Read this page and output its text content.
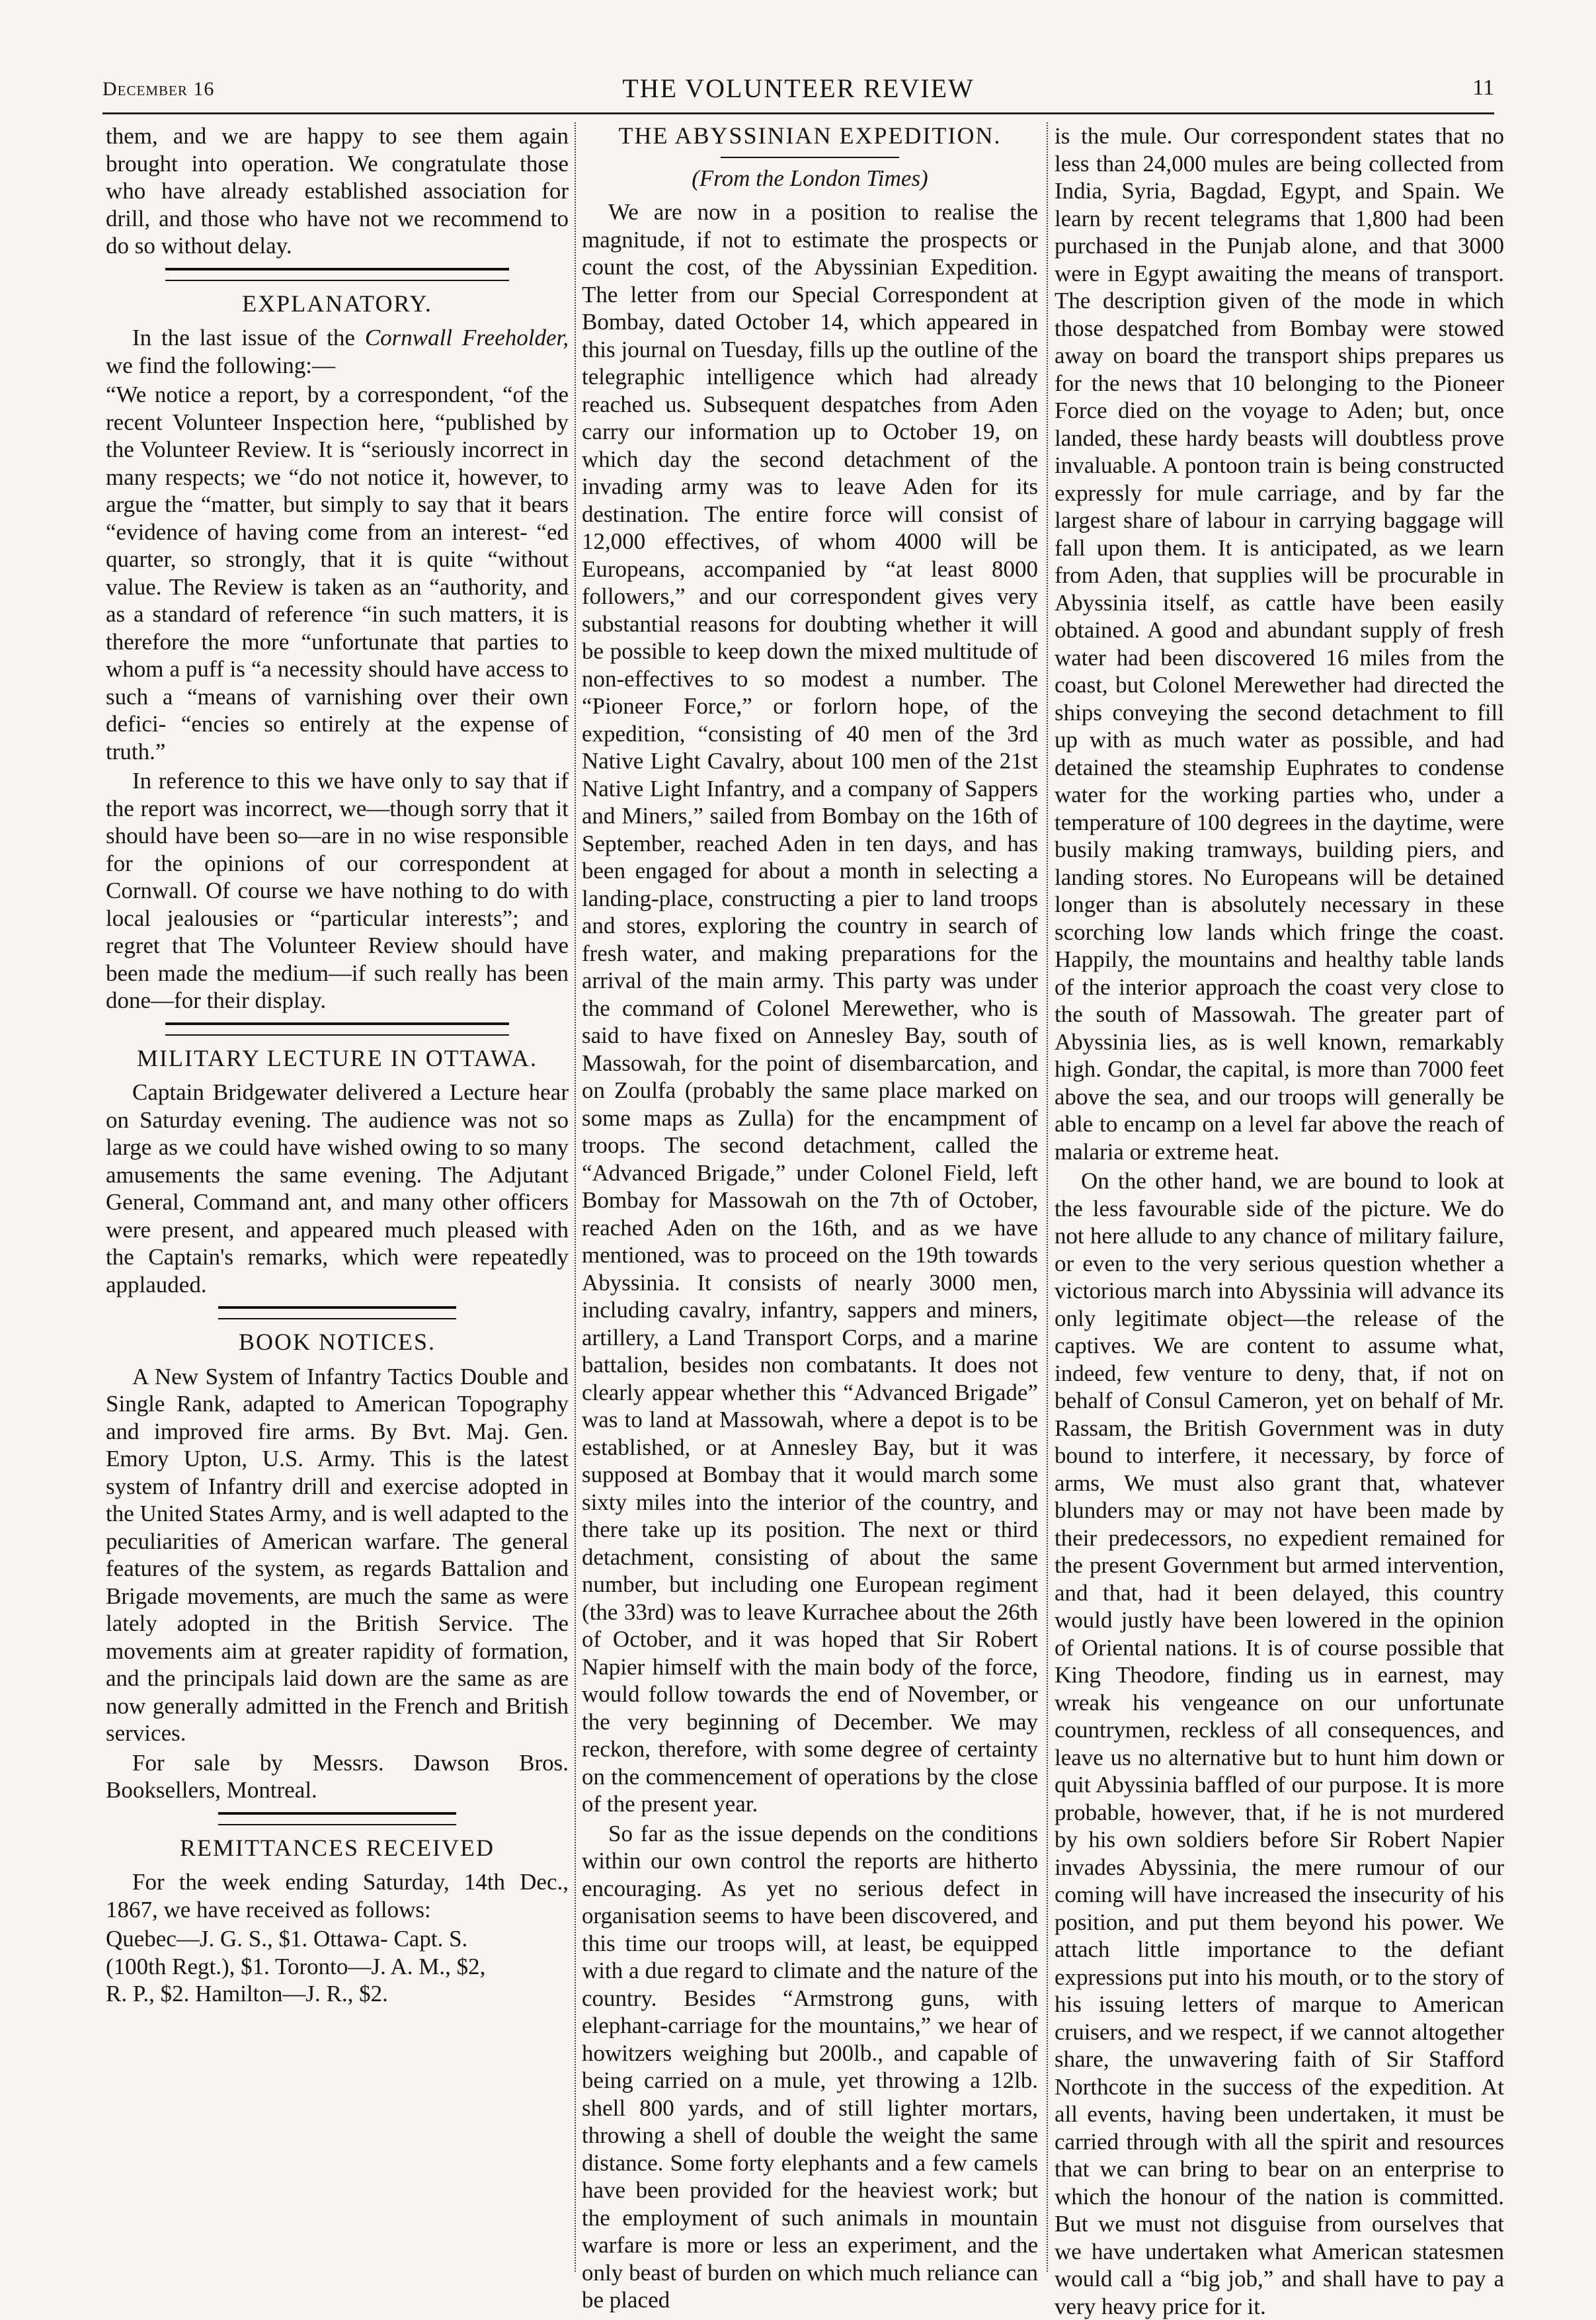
December 16	THE VOLUNTEER REVIEW	11

them, and we are happy to see them again brought into operation. We congratulate those who have already established association for drill, and those who have not we recommend to do so without delay.

EXPLANATORY.

In the last issue of the Cornwall Freeholder, we find the following:—

“We notice a report, by a correspondent, “of the recent Volunteer Inspection here, “published by the Volunteer Review. It is “seriously incorrect in many respects; we “do not notice it, however, to argue the “matter, but simply to say that it bears “evidence of having come from an interest- “ed quarter, so strongly, that it is quite “without value. The Review is taken as an “authority, and as a standard of reference “in such matters, it is therefore the more “unfortunate that parties to whom a puff is “a necessity should have access to such a “means of varnishing over their own defici- “encies so entirely at the expense of truth.”

In reference to this we have only to say that if the report was incorrect, we—though sorry that it should have been so—are in no wise responsible for the opinions of our correspondent at Cornwall. Of course we have nothing to do with local jealousies or “particular interests”; and regret that The Volunteer Review should have been made the medium—if such really has been done—for their display.

MILITARY LECTURE IN OTTAWA.

Captain Bridgewater delivered a Lecture hear on Saturday evening. The audience was not so large as we could have wished owing to so many amusements the same evening. The Adjutant General, Command ant, and many other officers were present, and appeared much pleased with the Captain's remarks, which were repeatedly applauded.

BOOK NOTICES.

A New System of Infantry Tactics Double and Single Rank, adapted to American Topography and improved fire arms. By Bvt. Maj. Gen. Emory Upton, U.S. Army. This is the latest system of Infantry drill and exercise adopted in the United States Army, and is well adapted to the peculiarities of American warfare. The general features of the system, as regards Battalion and Brigade movements, are much the same as were lately adopted in the British Service. The movements aim at greater rapidity of formation, and the principals laid down are the same as are now generally admitted in the French and British services.

For sale by Messrs. Dawson Bros. Booksellers, Montreal.

REMITTANCES RECEIVED

For the week ending Saturday, 14th Dec., 1867, we have received as follows:

Quebec—J. G. S., $1. Ottawa- Capt. S.
(100th Regt.), $1. Toronto—J. A. M., $2,
R. P., $2. Hamilton—J. R., $2.

THE ABYSSINIAN EXPEDITION.
(From the London Times)

We are now in a position to realise the magnitude, if not to estimate the prospects or count the cost, of the Abyssinian Expedition. The letter from our Special Correspondent at Bombay, dated October 14, which appeared in this journal on Tuesday, fills up the outline of the telegraphic intelligence which had already reached us. Subsequent despatches from Aden carry our information up to October 19, on which day the second detachment of the invading army was to leave Aden for its destination. The entire force will consist of 12,000 effectives, of whom 4000 will be Europeans, accompanied by “at least 8000 followers,” and our correspondent gives very substantial reasons for doubting whether it will be possible to keep down the mixed multitude of non-effectives to so modest a number. The “Pioneer Force,” or forlorn hope, of the expedition, “consisting of 40 men of the 3rd Native Light Cavalry, about 100 men of the 21st Native Light Infantry, and a company of Sappers and Miners,” sailed from Bombay on the 16th of September, reached Aden in ten days, and has been engaged for about a month in selecting a landing-place, constructing a pier to land troops and stores, exploring the country in search of fresh water, and making preparations for the arrival of the main army. This party was under the command of Colonel Merewether, who is said to have fixed on Annesley Bay, south of Massowah, for the point of disembarcation, and on Zoulfa (probably the same place marked on some maps as Zulla) for the encampment of troops. The second detachment, called the “Advanced Brigade,” under Colonel Field, left Bombay for Massowah on the 7th of October, reached Aden on the 16th, and as we have mentioned, was to proceed on the 19th towards Abyssinia. It consists of nearly 3000 men, including cavalry, infantry, sappers and miners, artillery, a Land Transport Corps, and a marine battalion, besides non combatants. It does not clearly appear whether this “Advanced Brigade” was to land at Massowah, where a depot is to be established, or at Annesley Bay, but it was supposed at Bombay that it would march some sixty miles into the interior of the country, and there take up its position. The next or third detachment, consisting of about the same number, but including one European regiment (the 33rd) was to leave Kurrachee about the 26th of October, and it was hoped that Sir Robert Napier himself with the main body of the force, would follow towards the end of November, or the very beginning of December. We may reckon, therefore, with some degree of certainty on the commencement of operations by the close of the present year.

So far as the issue depends on the conditions within our own control the reports are hitherto encouraging. As yet no serious defect in organisation seems to have been discovered, and this time our troops will, at least, be equipped with a due regard to climate and the nature of the country. Besides “Armstrong guns, with elephant-carriage for the mountains,” we hear of howitzers weighing but 200lb., and capable of being carried on a mule, yet throwing a 12lb. shell 800 yards, and of still lighter mortars, throwing a shell of double the weight the same distance. Some forty elephants and a few camels have been provided for the heaviest work; but the employment of such animals in mountain warfare is more or less an experiment, and the only beast of burden on which much reliance can be placed

is the mule. Our correspondent states that no less than 24,000 mules are being collected from India, Syria, Bagdad, Egypt, and Spain. We learn by recent telegrams that 1,800 had been purchased in the Punjab alone, and that 3000 were in Egypt awaiting the means of transport. The description given of the mode in which those despatched from Bombay were stowed away on board the transport ships prepares us for the news that 10 belonging to the Pioneer Force died on the voyage to Aden; but, once landed, these hardy beasts will doubtless prove invaluable. A pontoon train is being constructed expressly for mule carriage, and by far the largest share of labour in carrying baggage will fall upon them. It is anticipated, as we learn from Aden, that supplies will be procurable in Abyssinia itself, as cattle have been easily obtained. A good and abundant supply of fresh water had been discovered 16 miles from the coast, but Colonel Merewether had directed the ships conveying the second detachment to fill up with as much water as possible, and had detained the steamship Euphrates to condense water for the working parties who, under a temperature of 100 degrees in the daytime, were busily making tramways, building piers, and landing stores. No Europeans will be detained longer than is absolutely necessary in these scorching low lands which fringe the coast. Happily, the mountains and healthy table lands of the interior approach the coast very close to the south of Massowah. The greater part of Abyssinia lies, as is well known, remarkably high. Gondar, the capital, is more than 7000 feet above the sea, and our troops will generally be able to encamp on a level far above the reach of malaria or extreme heat.

On the other hand, we are bound to look at the less favourable side of the picture. We do not here allude to any chance of military failure, or even to the very serious question whether a victorious march into Abyssinia will advance its only legitimate object—the release of the captives. We are content to assume what, indeed, few venture to deny, that, if not on behalf of Consul Cameron, yet on behalf of Mr. Rassam, the British Government was in duty bound to interfere, it necessary, by force of arms, We must also grant that, whatever blunders may or may not have been made by their predecessors, no expedient remained for the present Government but armed intervention, and that, had it been delayed, this country would justly have been lowered in the opinion of Oriental nations. It is of course possible that King Theodore, finding us in earnest, may wreak his vengeance on our unfortunate countrymen, reckless of all consequences, and leave us no alternative but to hunt him down or quit Abyssinia baffled of our purpose. It is more probable, however, that, if he is not murdered by his own soldiers before Sir Robert Napier invades Abyssinia, the mere rumour of our coming will have increased the insecurity of his position, and put them beyond his power. We attach little importance to the defiant expressions put into his mouth, or to the story of his issuing letters of marque to American cruisers, and we respect, if we cannot altogether share, the unwavering faith of Sir Stafford Northcote in the success of the expedition. At all events, having been undertaken, it must be carried through with all the spirit and resources that we can bring to bear on an enterprise to which the honour of the nation is committed. But we must not disguise from ourselves that we have undertaken what American statesmen would call a “big job,” and shall have to pay a very heavy price for it.
